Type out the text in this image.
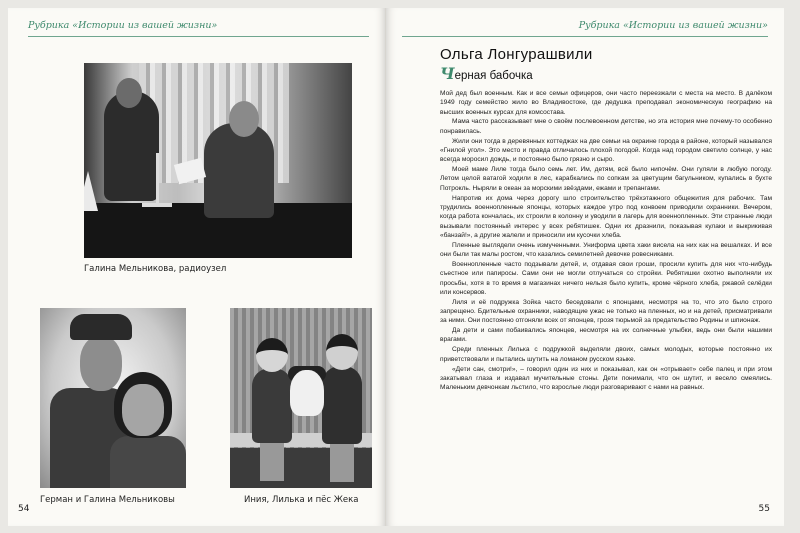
Рубрика «Истории из вашей жизни»
Галина Мельникова, радиоузел
Герман и Галина Мельниковы	Иния, Лилька и пёс Жека
54
Рубрика «Истории из вашей жизни»
Ольга Лонгурашвили
Черная бабочка

Мой дед был военным. Как и все семьи офицеров, они часто переезжали с места на место. В далёком 1949 году семейство жило во Владивостоке, где дедушка преподавал экономическую географию на высших военных курсах для комсостава.

Мама часто рассказывает мне о своём послевоенном детстве, но эта история мне почему-то особенно понравилась.

Жили они тогда в деревянных коттеджах на две семьи на окраине города в районе, который назывался «Гнилой угол». Это место и правда отличалось плохой погодой. Когда над городом светило солнце, у нас всегда моросил дождь, и постоянно было грязно и сыро.

Моей маме Лиле тогда было семь лет. Им, детям, всё было нипочём. Они гуляли в любую погоду. Летом целой ватагой ходили в лес, карабкались по сопкам за цветущим багульником, купались в бухте Потрокль. Ныряли в океан за морскими звёздами, ежами и трепангами.

Напротив их дома через дорогу шло строительство трёхэтажного общежития для рабочих. Там трудились военнопленные японцы, которых каждое утро под конвоем приводили охранники. Вечером, когда работа кончалась, их строили в колонну и уводили в лагерь для военнопленных. Эти странные люди вызывали постоянный интерес у всех ребятишек. Одни их дразнили, показывая кулаки и выкрикивая «банзай!», а другие жалели и приносили им кусочки хлеба.

Пленные выглядели очень измученными. Униформа цвета хаки висела на них как на вешалках. И все они были так малы ростом, что казались семилетней девочке ровесниками.

Военнопленные часто подзывали детей, и, отдавая свои гроши, просили купить для них что-нибудь съестное или папиросы. Сами они не могли отлучаться со стройки. Ребятишки охотно выполняли их просьбы, хотя в то время в магазинах ничего нельзя было купить, кроме чёрного хлеба, ржавой селёдки или консервов.

Лиля и её подружка Зойка часто беседовали с японцами, несмотря на то, что это было строго запрещено. Бдительные охранники, наводящие ужас не только на пленных, но и на детей, присматривали за ними. Они постоянно отгоняли всех от японцев, грозя тюрьмой за предательство Родины и шпионаж.

Да дети и сами побаивались японцев, несмотря на их солнечные улыбки, ведь они были нашими врагами.

Среди пленных Лилька с подружкой выделяли двоих, самых молодых, которые постоянно их приветствовали и пытались шутить на ломаном русском языке.

«Дети сан, смотри!», – говорил один из них и показывал, как он «отрывает» себе палец и при этом закатывал глаза и издавал мучительные стоны. Дети понимали, что он шутит, и весело смеялись. Маленьким девчонкам льстило, что взрослые люди разговаривают с нами на равных.

55
